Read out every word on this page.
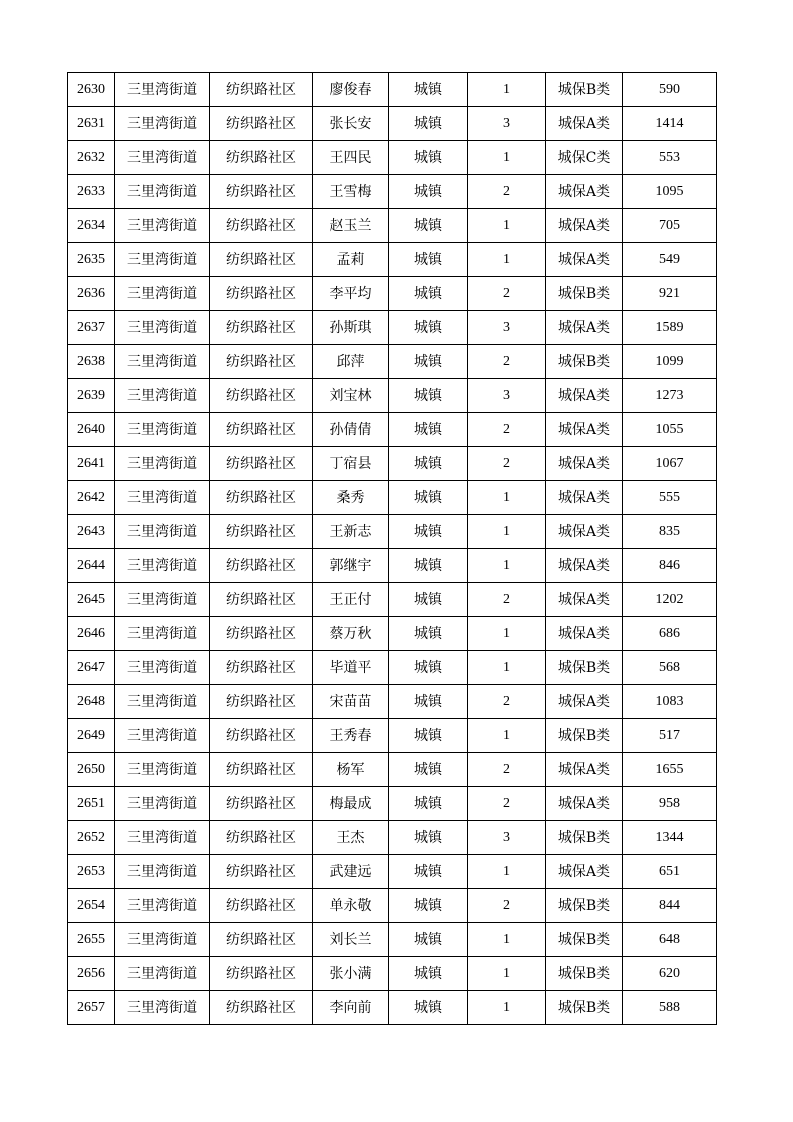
2630	三里湾街道	纺织路社区	廖俊春	城镇	1	城保B类	590
2631	三里湾街道	纺织路社区	张长安	城镇	3	城保A类	1414
2632	三里湾街道	纺织路社区	王四民	城镇	1	城保C类	553
2633	三里湾街道	纺织路社区	王雪梅	城镇	2	城保A类	1095
2634	三里湾街道	纺织路社区	赵玉兰	城镇	1	城保A类	705
2635	三里湾街道	纺织路社区	孟莉	城镇	1	城保A类	549
2636	三里湾街道	纺织路社区	李平均	城镇	2	城保B类	921
2637	三里湾街道	纺织路社区	孙斯琪	城镇	3	城保A类	1589
2638	三里湾街道	纺织路社区	邱萍	城镇	2	城保B类	1099
2639	三里湾街道	纺织路社区	刘宝林	城镇	3	城保A类	1273
2640	三里湾街道	纺织路社区	孙倩倩	城镇	2	城保A类	1055
2641	三里湾街道	纺织路社区	丁宿县	城镇	2	城保A类	1067
2642	三里湾街道	纺织路社区	桑秀	城镇	1	城保A类	555
2643	三里湾街道	纺织路社区	王新志	城镇	1	城保A类	835
2644	三里湾街道	纺织路社区	郭继宇	城镇	1	城保A类	846
2645	三里湾街道	纺织路社区	王正付	城镇	2	城保A类	1202
2646	三里湾街道	纺织路社区	蔡万秋	城镇	1	城保A类	686
2647	三里湾街道	纺织路社区	毕道平	城镇	1	城保B类	568
2648	三里湾街道	纺织路社区	宋苗苗	城镇	2	城保A类	1083
2649	三里湾街道	纺织路社区	王秀春	城镇	1	城保B类	517
2650	三里湾街道	纺织路社区	杨军	城镇	2	城保A类	1655
2651	三里湾街道	纺织路社区	梅最成	城镇	2	城保A类	958
2652	三里湾街道	纺织路社区	王杰	城镇	3	城保B类	1344
2653	三里湾街道	纺织路社区	武建远	城镇	1	城保A类	651
2654	三里湾街道	纺织路社区	单永敬	城镇	2	城保B类	844
2655	三里湾街道	纺织路社区	刘长兰	城镇	1	城保B类	648
2656	三里湾街道	纺织路社区	张小满	城镇	1	城保B类	620
2657	三里湾街道	纺织路社区	李向前	城镇	1	城保B类	588
